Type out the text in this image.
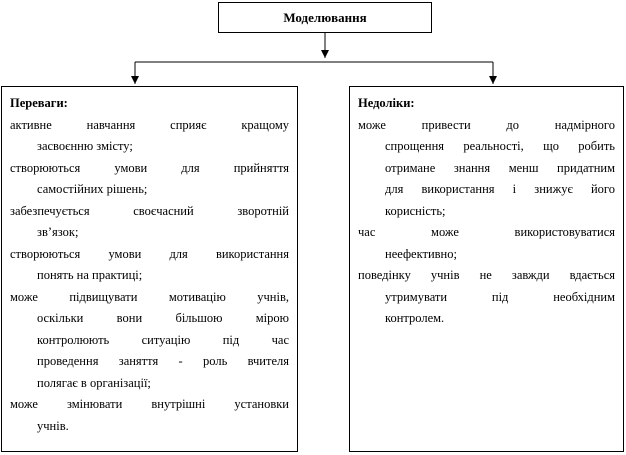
Моделювання
Переваги:
активне навчання сприяє кращому
засвоєнню змісту;
створюються умови для прийняття
самостійних рішень;
забезпечується своєчасний зворотній
зв’язок;
створюються умови для використання
понять на практиці;
може підвищувати мотивацію учнів,
оскільки вони більшою мірою
контролюють ситуацію під час
проведення заняття - роль вчителя
полягає в організації;
може змінювати внутрішні установки
учнів.
Недоліки:
може привести до надмірного
спрощення реальності, що робить
отримане знання менш придатним
для використання і знижує його
корисність;
час може використовуватися
неефективно;
поведінку учнів не завжди вдається
утримувати під необхідним
контролем.
